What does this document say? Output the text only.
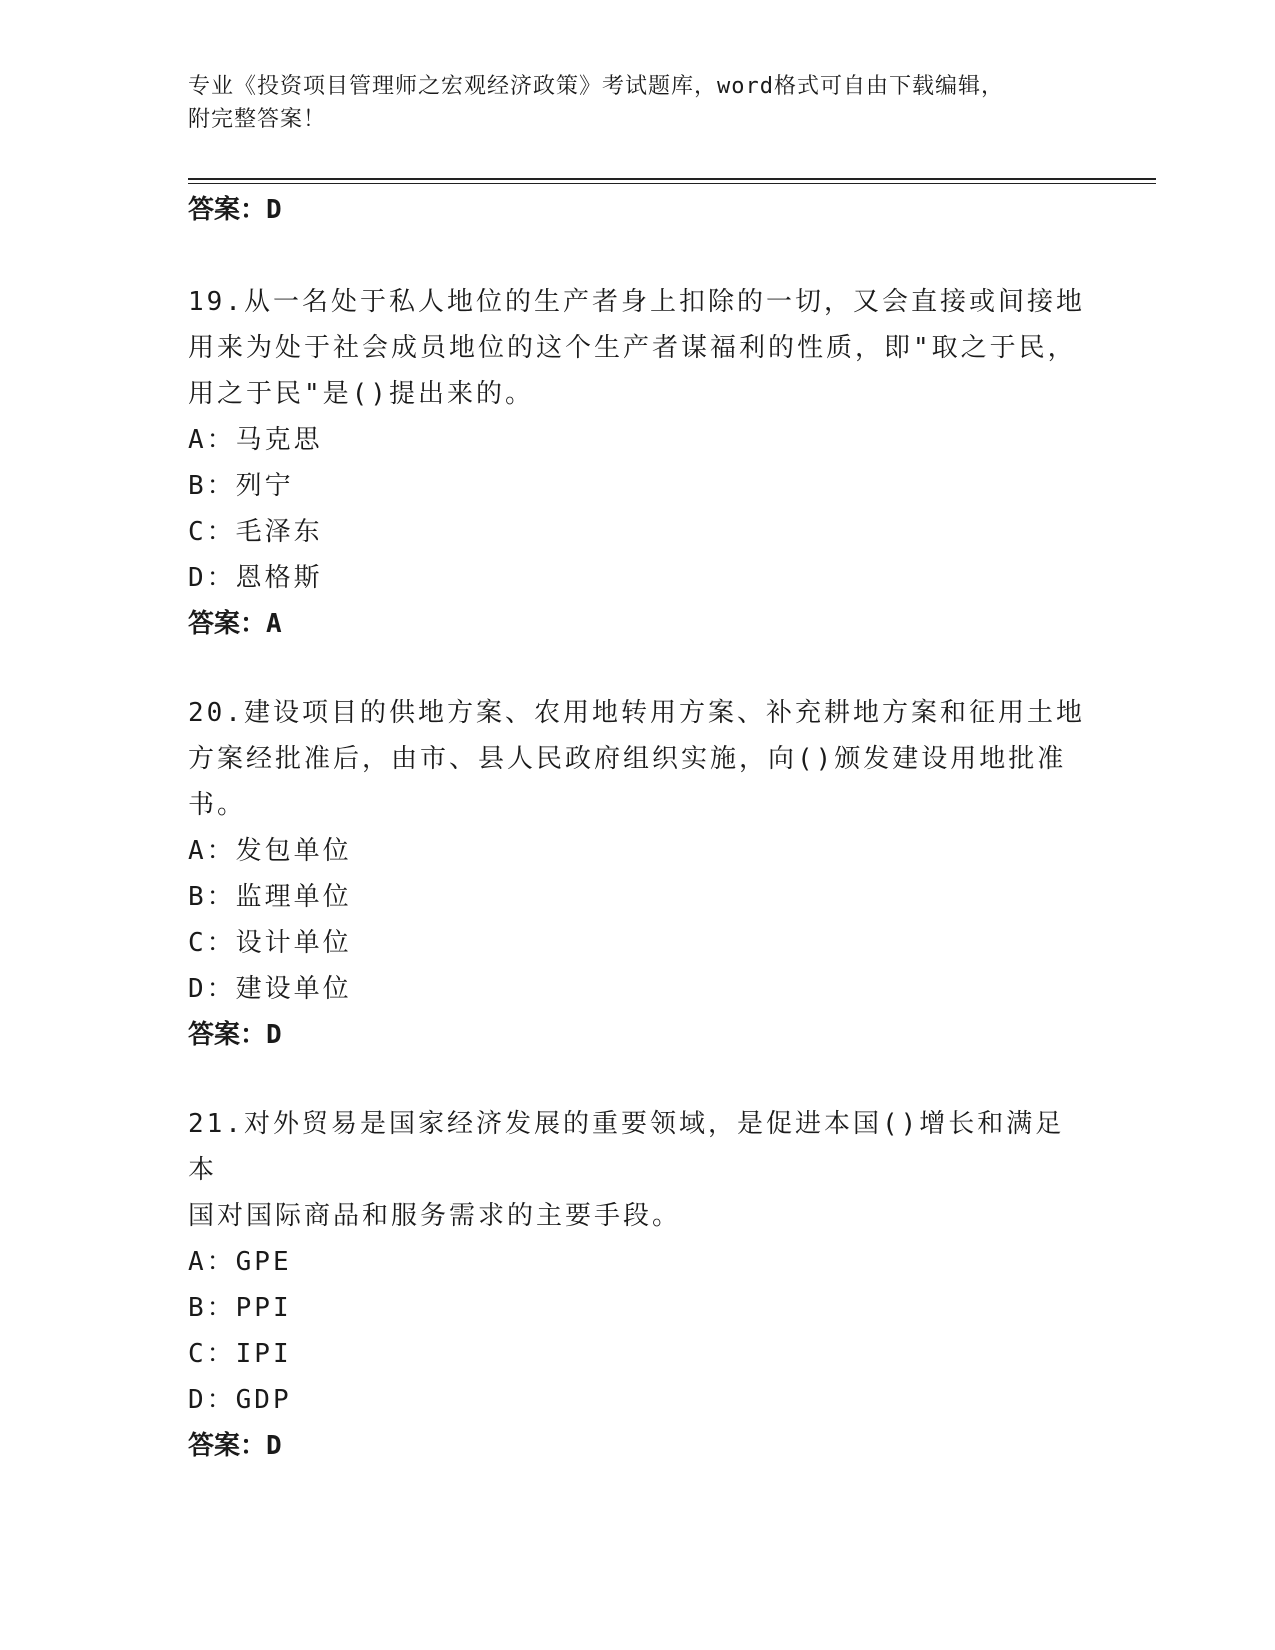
专业《投资项目管理师之宏观经济政策》考试题库，word格式可自由下载编辑，
附完整答案！
答案：D

19.从一名处于私人地位的生产者身上扣除的一切，又会直接或间接地

用来为处于社会成员地位的这个生产者谋福利的性质，即"取之于民，

用之于民"是()提出来的。

A：马克思

B：列宁

C：毛泽东

D：恩格斯

答案：A

20.建设项目的供地方案、农用地转用方案、补充耕地方案和征用土地

方案经批准后，由市、县人民政府组织实施，向()颁发建设用地批准

书。

A：发包单位

B：监理单位

C：设计单位

D：建设单位

答案：D

21.对外贸易是国家经济发展的重要领域，是促进本国()增长和满足本

国对国际商品和服务需求的主要手段。

A：GPE

B：PPI

C：IPI

D：GDP

答案：D
